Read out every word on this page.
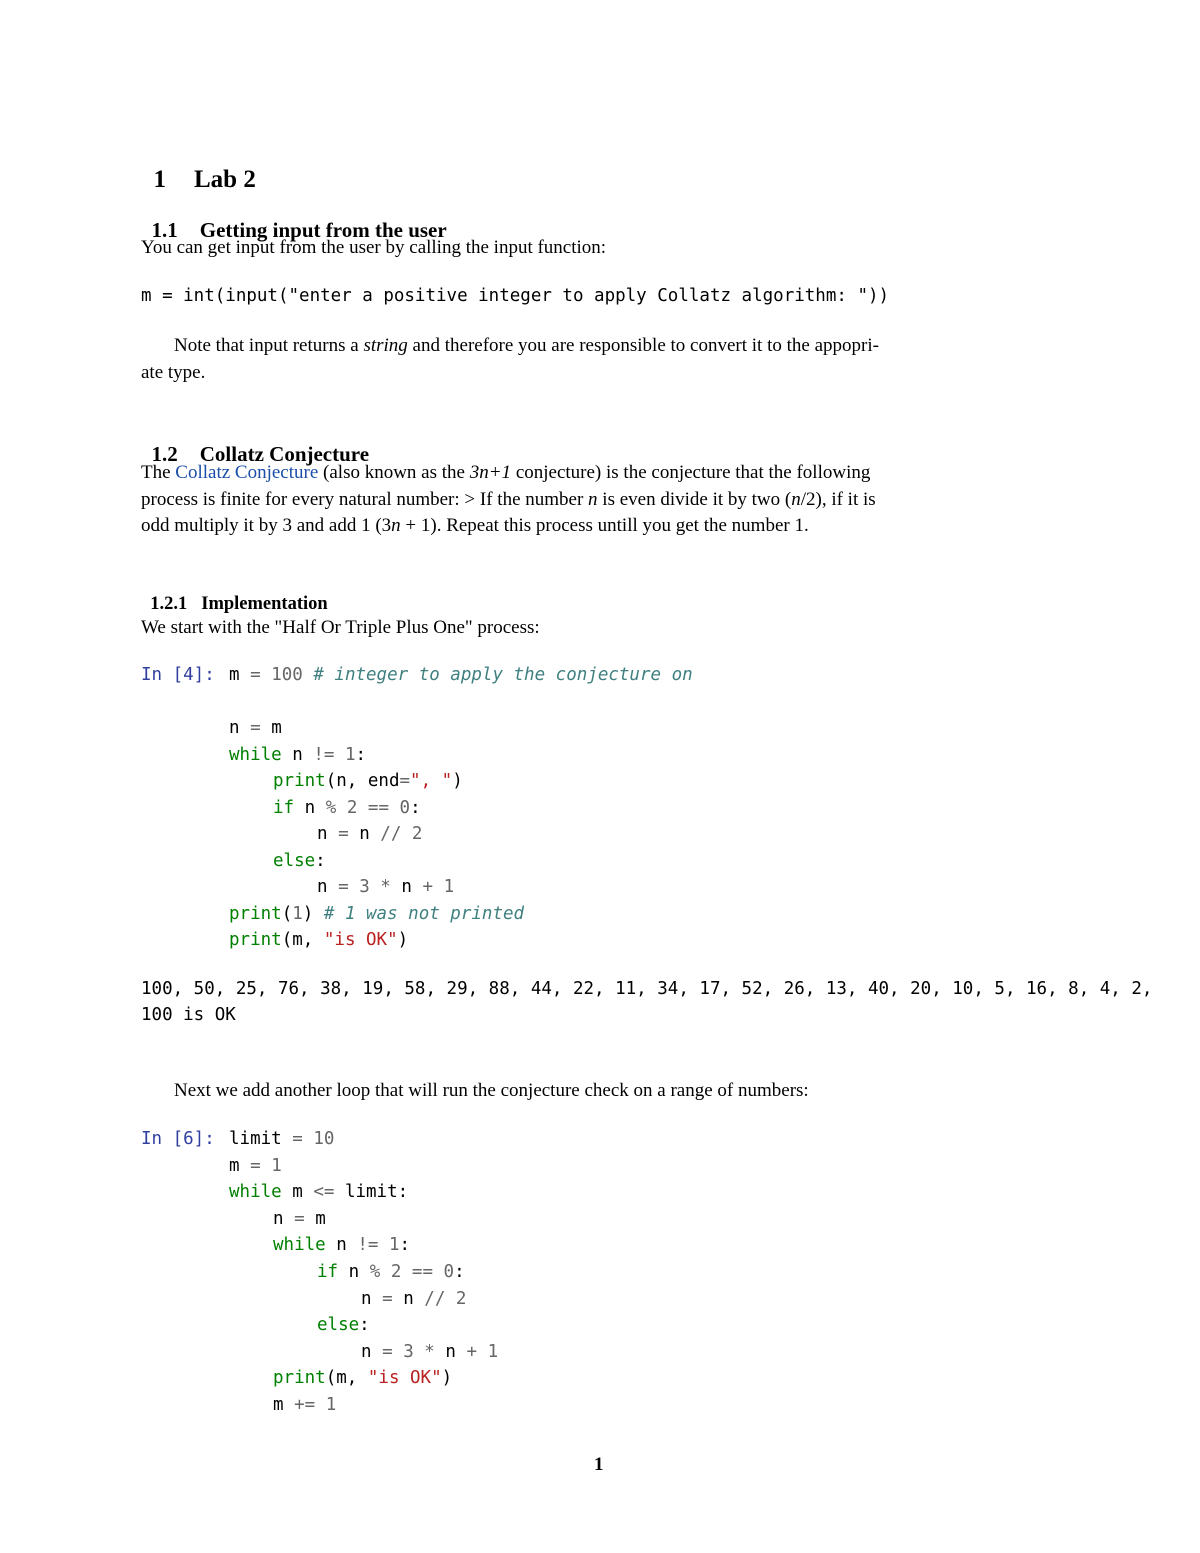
1 Lab 2

1.1 Getting input from the user

You can get input from the user by calling the input function:
m = int(input("enter a positive integer to apply Collatz algorithm: "))
Note that input returns a string and therefore you are responsible to convert it to the appopri-
ate type.

1.2 Collatz Conjecture

The Collatz Conjecture (also known as the 3n+1 conjecture) is the conjecture that the following
process is finite for every natural number: > If the number n is even divide it by two (n/2), if it is
odd multiply it by 3 and add 1 (3n + 1). Repeat this process untill you get the number 1.

1.2.1 Implementation

We start with the "Half Or Triple Plus One" process:
In [4]: m = 100 # integer to apply the conjecture on
n = m
while n != 1:
print(n, end=", ")
if n % 2 == 0:
n = n // 2
else:
n = 3 * n + 1
print(1) # 1 was not printed
print(m, "is OK")
100, 50, 25, 76, 38, 19, 58, 29, 88, 44, 22, 11, 34, 17, 52, 26, 13, 40, 20, 10, 5, 16, 8, 4, 2,
100 is OK
Next we add another loop that will run the conjecture check on a range of numbers:
In [6]: limit = 10
m = 1
while m <= limit:
n = m
while n != 1:
if n % 2 == 0:
n = n // 2
else:
n = 3 * n + 1
print(m, "is OK")
m += 1
1
